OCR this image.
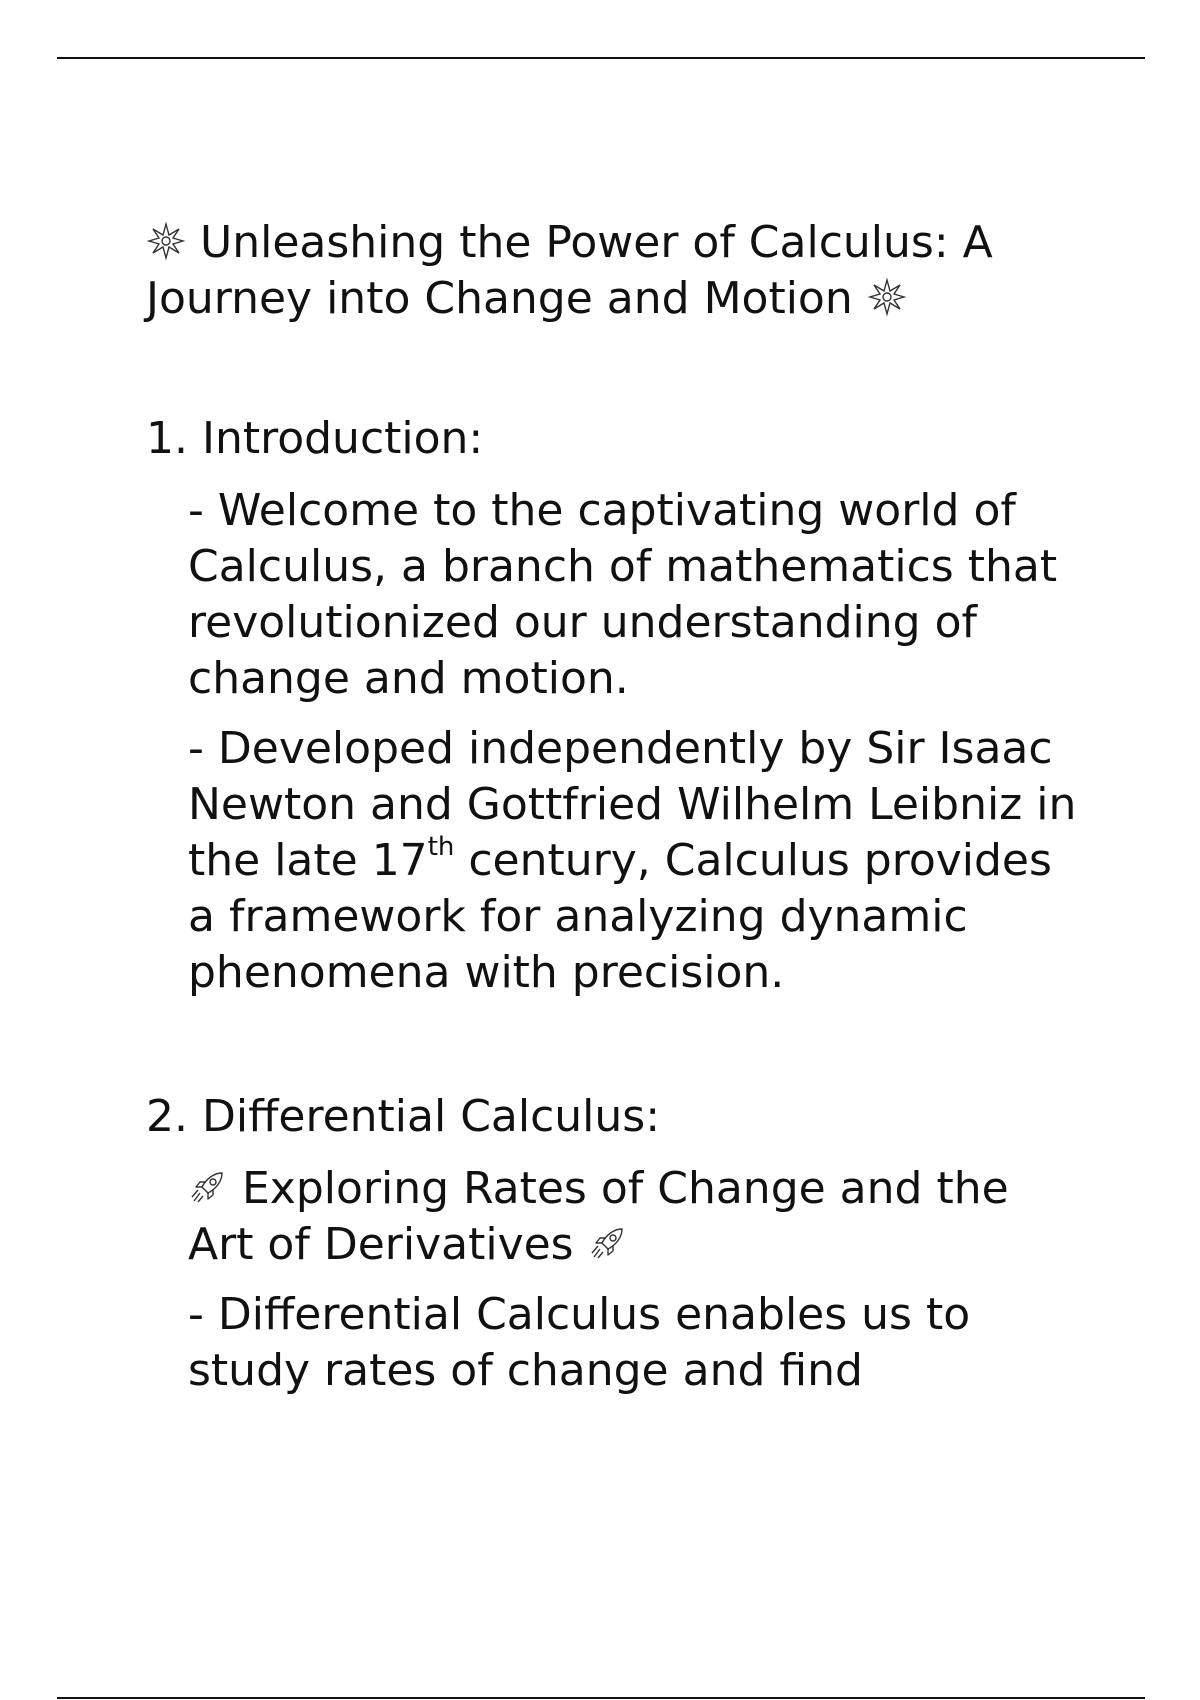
Unleashing the Power of Calculus: A Journey into Change and Motion

1. Introduction:

- Welcome to the captivating world of Calculus, a branch of mathematics that revolutionized our understanding of change and motion.

- Developed independently by Sir Isaac Newton and Gottfried Wilhelm Leibniz in the late 17th century, Calculus provides a framework for analyzing dynamic phenomena with precision.

2. Differential Calculus:

Exploring Rates of Change and the Art of Derivatives

- Differential Calculus enables us to study rates of change and find
